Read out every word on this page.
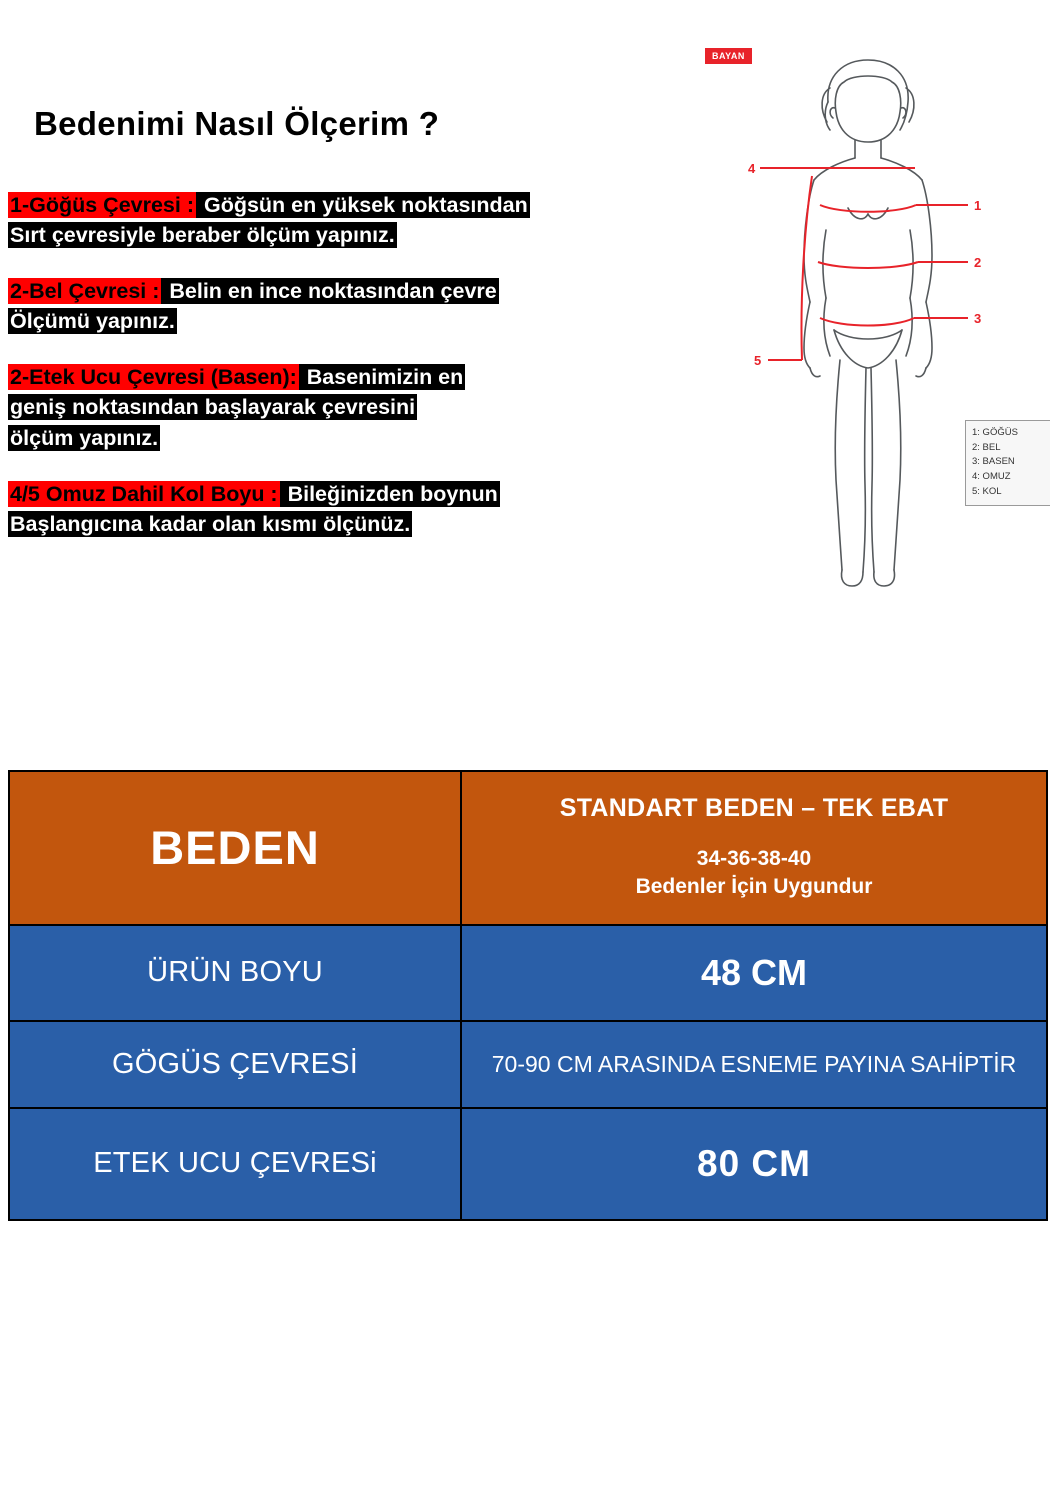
Bedenimi Nasıl Ölçerim ?
1-Göğüs Çevresi : Göğsün en yüksek noktasından
Sırt çevresiyle beraber ölçüm yapınız.
2-Bel Çevresi : Belin en ince noktasından çevre
Ölçümü yapınız.
2-Etek Ucu Çevresi (Basen): Basenimizin en
geniş noktasından başlayarak çevresini
ölçüm yapınız.
4/5 Omuz Dahil Kol Boyu : Bileğinizden boynun
Başlangıcına kadar olan kısmı ölçünüz.
BAYAN
1
2
3
4
5
1: GÖĞÜS
2: BEL
3: BASEN
4: OMUZ
5: KOL
BEDEN	STANDART BEDEN – TEK EBAT
34-36-38-40
Bedenler İçin Uygundur

ÜRÜN BOYU	48 CM
GÖGÜS ÇEVRESİ	70-90 CM ARASINDA ESNEME PAYINA SAHİPTİR
ETEK UCU ÇEVRESi	80 CM
